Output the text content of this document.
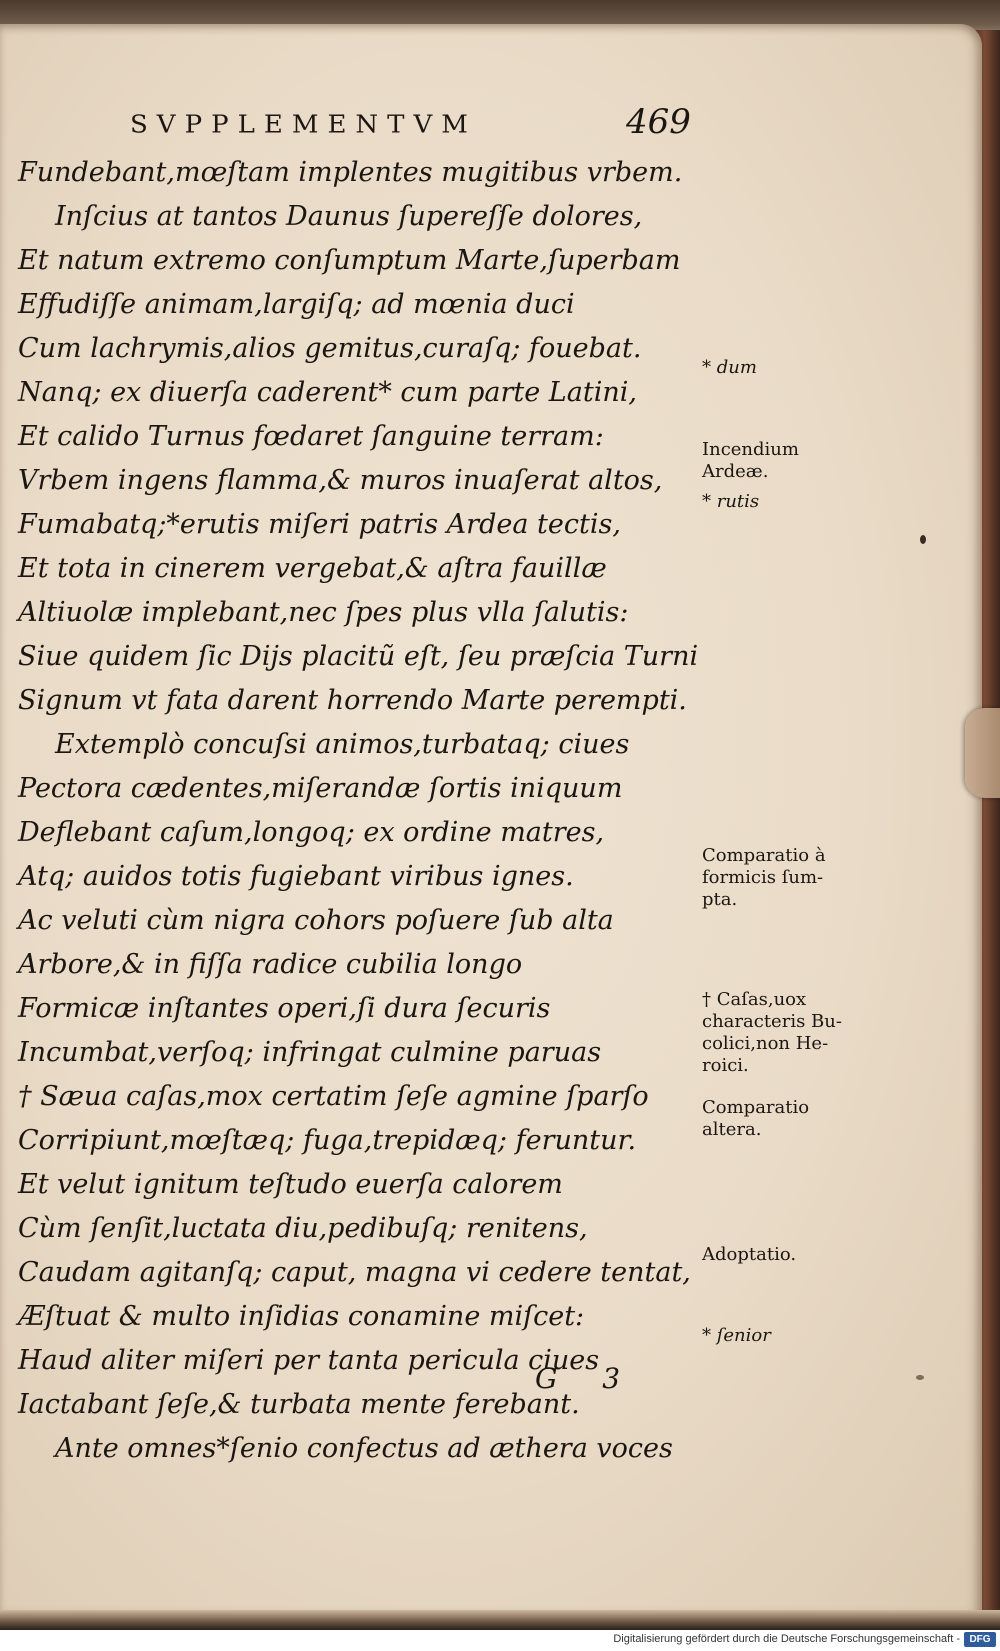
SVPPLEMENTVM	469
Fundebant,mœſtam implentes mugitibus vrbem.
Inſcius at tantos Daunus ſupereſſe dolores,
Et natum extremo conſumptum Marte,ſuperbam
Effudiſſe animam,largiſq; ad mœnia duci
Cum lachrymis,alios gemitus,curaſq; fouebat.
Nanq; ex diuerſa caderent* cum parte Latini,
Et calido Turnus fœdaret ſanguine terram:
Vrbem ingens flamma,& muros inuaſerat altos,
Fumabatq;*erutis miſeri patris Ardea tectis,
Et tota in cinerem vergebat,& aſtra fauillæ
Altiuolæ implebant,nec ſpes plus vlla ſalutis:
Siue quidem ſic Dijs placitũ eſt, ſeu præſcia Turni
Signum vt fata darent horrendo Marte perempti.
Extemplò concuſsi animos,turbataq; ciues
Pectora cædentes,miſerandæ ſortis iniquum
Deflebant caſum,longoq; ex ordine matres,
Atq; auidos totis fugiebant viribus ignes.
Ac veluti cùm nigra cohors poſuere ſub alta
Arbore,& in fiſſa radice cubilia longo
Formicæ inſtantes operi,ſi dura ſecuris
Incumbat,verſoq; infringat culmine paruas
† Sæua caſas,mox certatim ſeſe agmine ſparſo
Corripiunt,mœſtæq; fuga,trepidæq; feruntur.
Et velut ignitum teſtudo euerſa calorem
Cùm ſenſit,luctata diu,pedibuſq; renitens,
Caudam agitanſq; caput, magna vi cedere tentat,
Æſtuat & multo inſidias conamine miſcet:
Haud aliter miſeri per tanta pericula ciues
Iactabant ſeſe,& turbata mente ferebant.
Ante omnes*ſenio confectus ad æthera voces
* dum
Incendium
Ardeæ.
* rutis
Comparatio à
formicis ſum-
pta.
† Caſas,uox
characteris Bu-
colici,non He-
roici.
Comparatio
altera.
Adoptatio.
* ſenior
G 3
Digitalisierung gefördert durch die Deutsche Forschungsgemeinschaft - DFG
